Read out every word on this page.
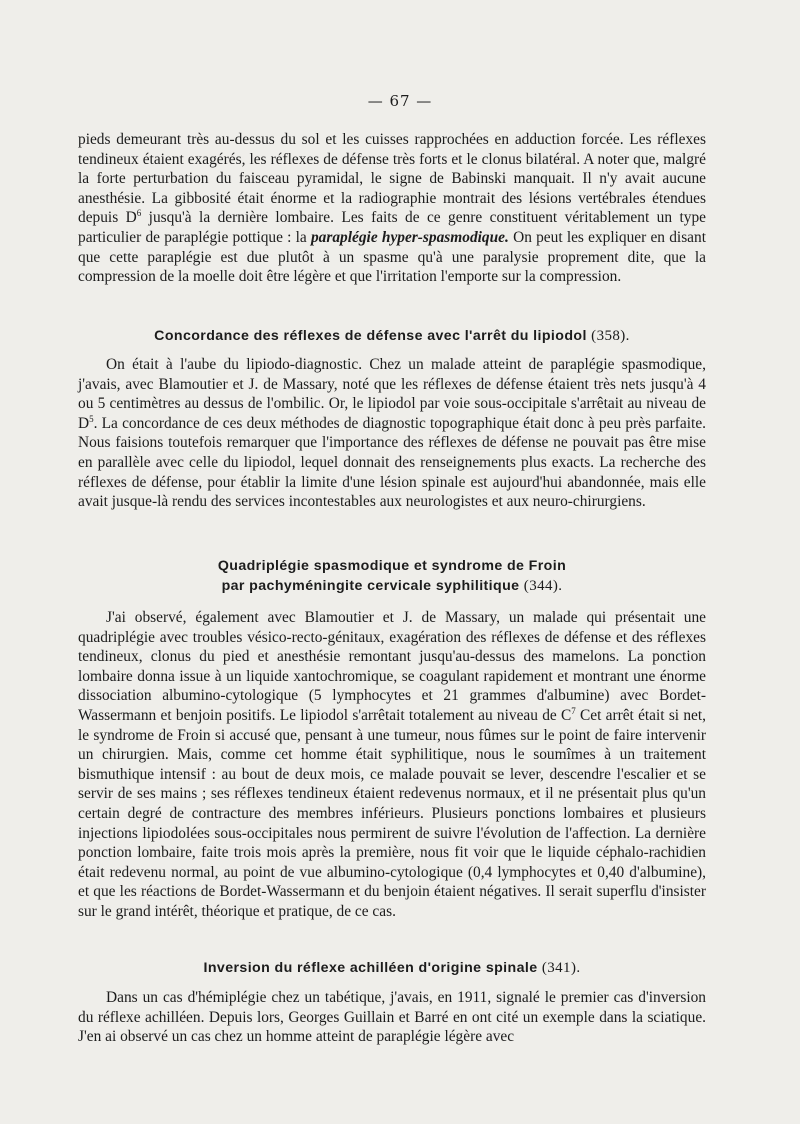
— 67 —

pieds demeurant très au-dessus du sol et les cuisses rapprochées en adduction forcée. Les réflexes tendineux étaient exagérés, les réflexes de défense très forts et le clonus bilatéral. A noter que, malgré la forte perturbation du faisceau pyramidal, le signe de Babinski manquait. Il n'y avait aucune anesthésie. La gibbosité était énorme et la radiographie montrait des lésions vertébrales étendues depuis $D^6$ jusqu'à la dernière lombaire. Les faits de ce genre constituent véritablement un type particulier de paraplégie pottique : la paraplégie hyper-spasmodique. On peut les expliquer en disant que cette paraplégie est due plutôt à un spasme qu'à une paralysie proprement dite, que la compression de la moelle doit être légère et que l'irritation l'emporte sur la compression.

Concordance des réflexes de défense avec l'arrêt du lipiodol (358).

On était à l'aube du lipiodo-diagnostic. Chez un malade atteint de paraplégie spasmodique, j'avais, avec Blamoutier et J. de Massary, noté que les réflexes de défense étaient très nets jusqu'à 4 ou 5 centimètres au dessus de l'ombilic. Or, le lipiodol par voie sous-occipitale s'arrêtait au niveau de $D^5$. La concordance de ces deux méthodes de diagnostic topographique était donc à peu près parfaite. Nous faisions toutefois remarquer que l'importance des réflexes de défense ne pouvait pas être mise en parallèle avec celle du lipiodol, lequel donnait des renseignements plus exacts. La recherche des réflexes de défense, pour établir la limite d'une lésion spinale est aujourd'hui abandonnée, mais elle avait jusque-là rendu des services incontestables aux neurologistes et aux neuro-chirurgiens.

Quadriplégie spasmodique et syndrome de Froin
par pachyméningite cervicale syphilitique (344).

J'ai observé, également avec Blamoutier et J. de Massary, un malade qui présentait une quadriplégie avec troubles vésico-recto-génitaux, exagération des réflexes de défense et des réflexes tendineux, clonus du pied et anesthésie remontant jusqu'au-dessus des mamelons. La ponction lombaire donna issue à un liquide xantochromique, se coagulant rapidement et montrant une énorme dissociation albumino-cytologique (5 lymphocytes et 21 grammes d'albumine) avec Bordet-Wassermann et benjoin positifs. Le lipiodol s'arrêtait totalement au niveau de $C^7$ Cet arrêt était si net, le syndrome de Froin si accusé que, pensant à une tumeur, nous fûmes sur le point de faire intervenir un chirurgien. Mais, comme cet homme était syphilitique, nous le soumîmes à un traitement bismuthique intensif : au bout de deux mois, ce malade pouvait se lever, descendre l'escalier et se servir de ses mains ; ses réflexes tendineux étaient redevenus normaux, et il ne présentait plus qu'un certain degré de contracture des membres inférieurs. Plusieurs ponctions lombaires et plusieurs injections lipiodolées sous-occipitales nous permirent de suivre l'évolution de l'affection. La dernière ponction lombaire, faite trois mois après la première, nous fit voir que le liquide céphalo-rachidien était redevenu normal, au point de vue albumino-cytologique (0,4 lymphocytes et 0,40 d'albumine), et que les réactions de Bordet-Wassermann et du benjoin étaient négatives. Il serait superflu d'insister sur le grand intérêt, théorique et pratique, de ce cas.

Inversion du réflexe achilléen d'origine spinale (341).

Dans un cas d'hémiplégie chez un tabétique, j'avais, en 1911, signalé le premier cas d'inversion du réflexe achilléen. Depuis lors, Georges Guillain et Barré en ont cité un exemple dans la sciatique. J'en ai observé un cas chez un homme atteint de paraplégie légère avec
